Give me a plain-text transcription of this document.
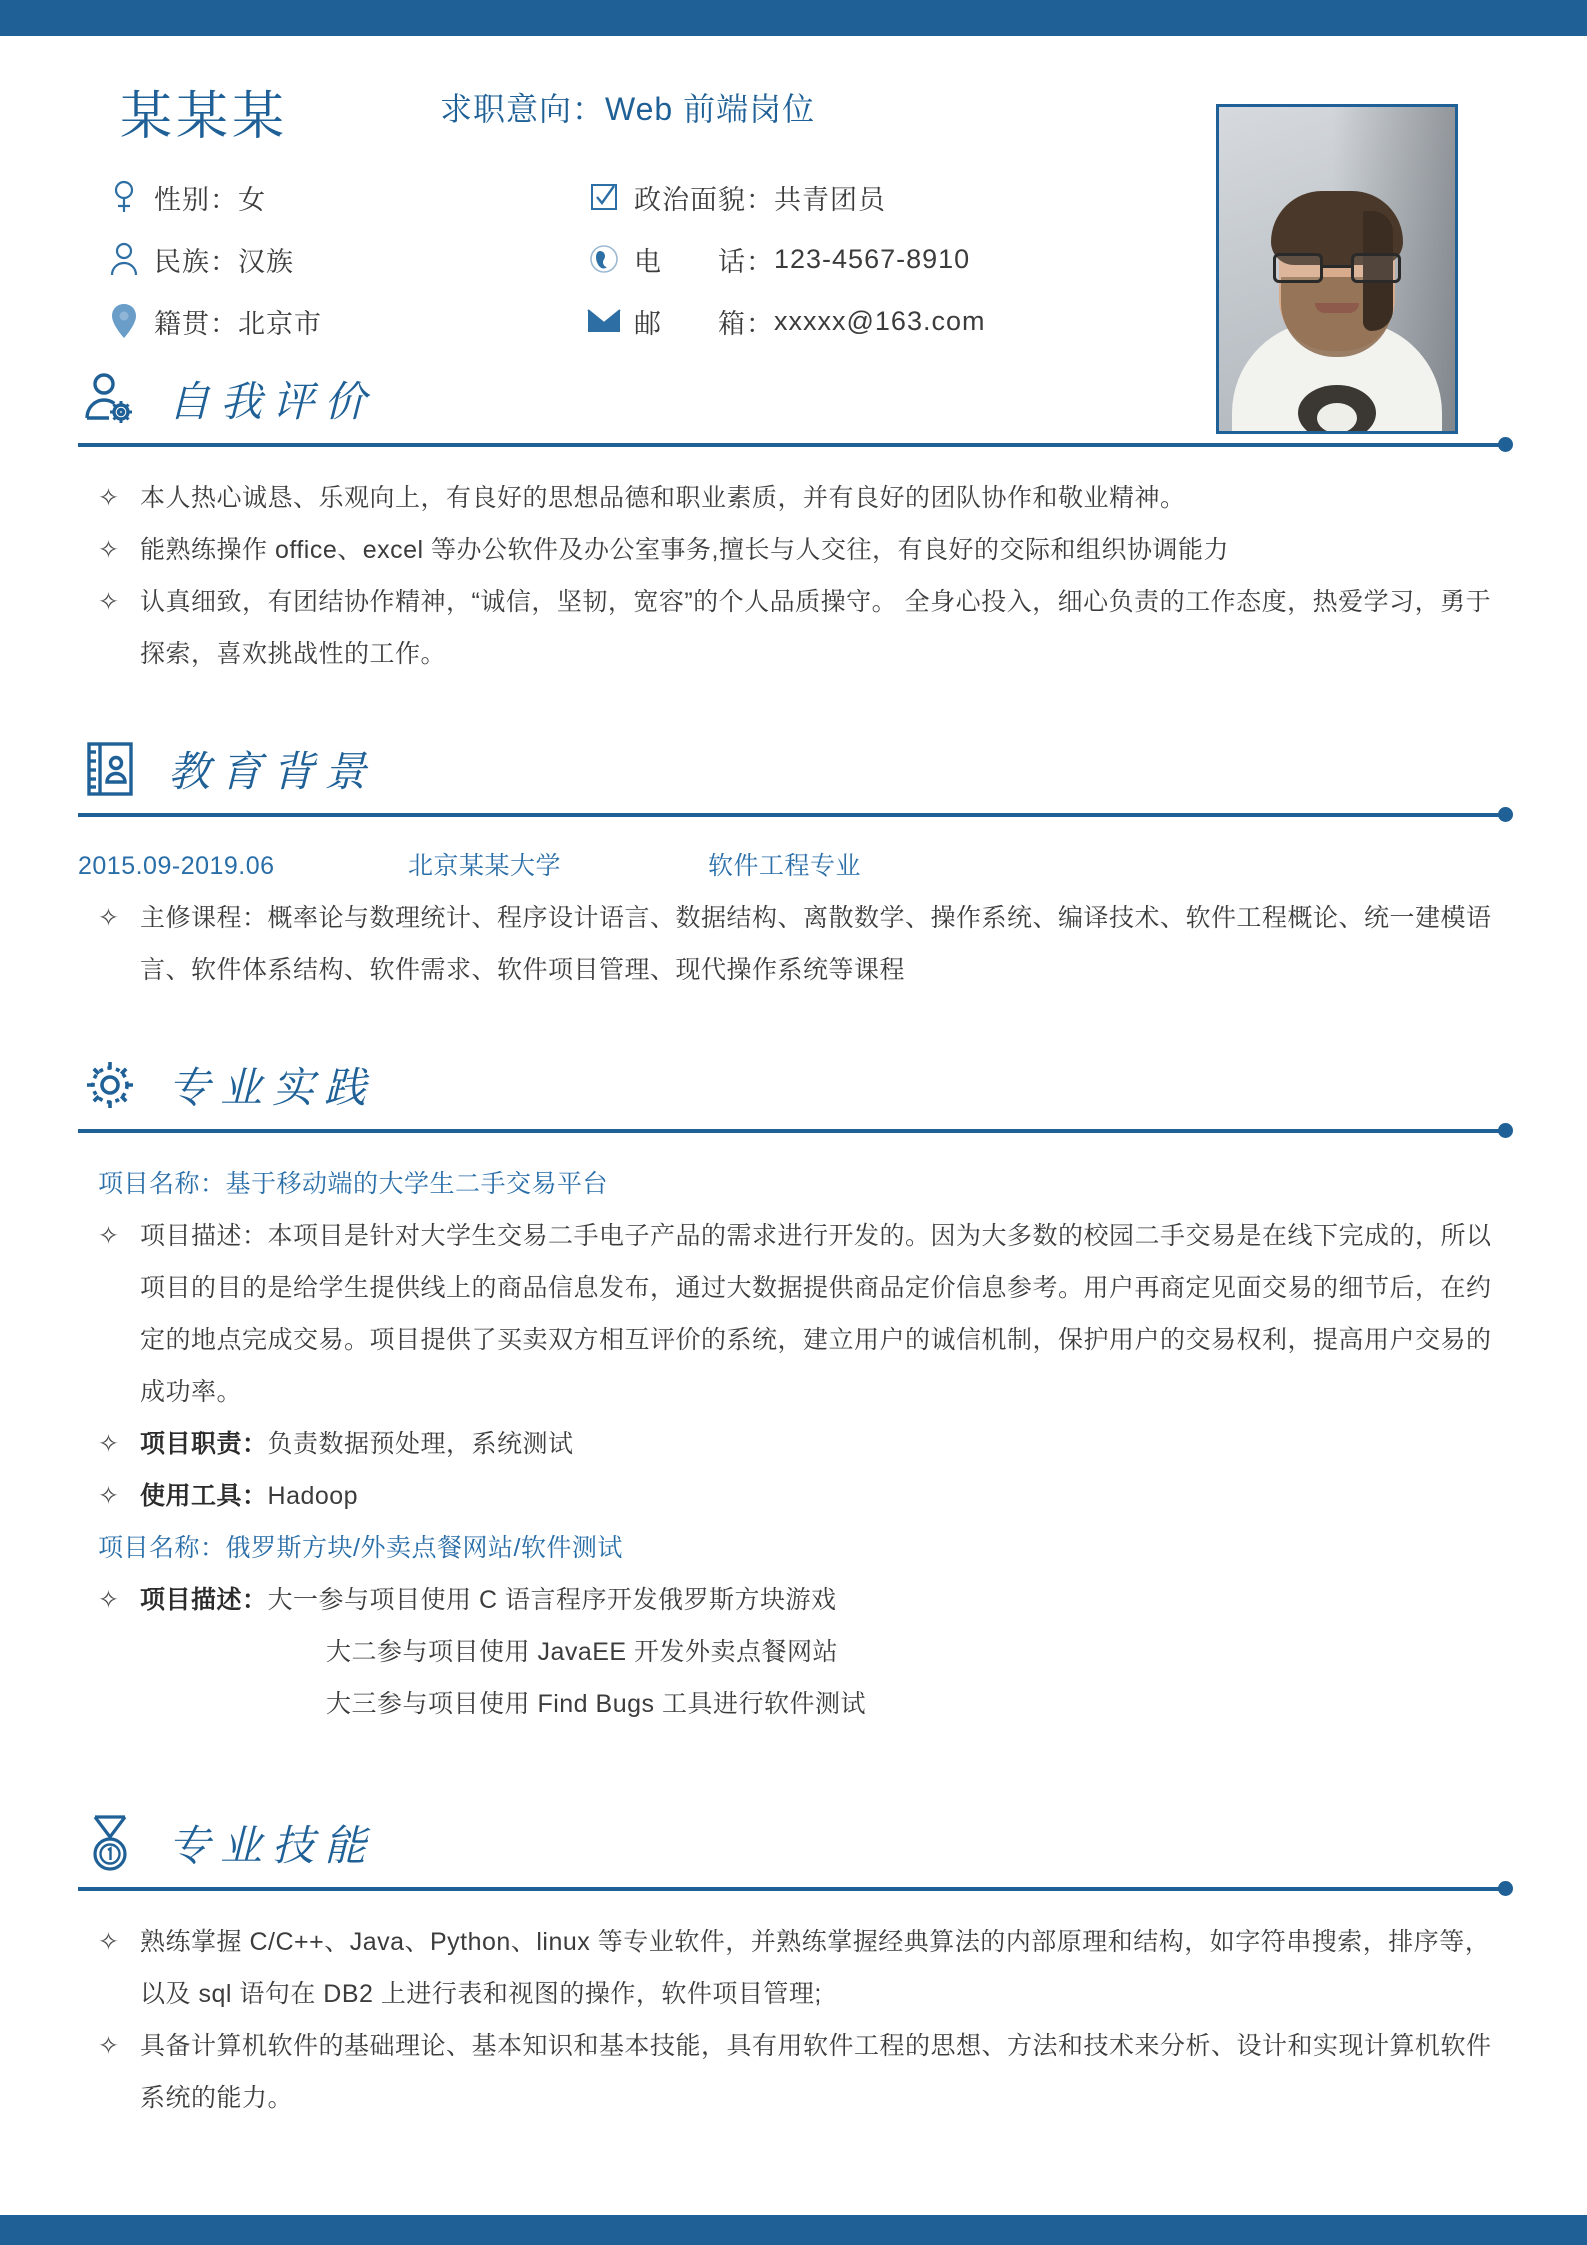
某某某	求职意向：Web 前端岗位
性别： 女	政治面貌： 共青团员
民族： 汉族	电　　话： 123-4567-8910
籍贯： 北京市	邮　　箱： xxxxx@163.com
自我评价
✧ 本人热心诚恳、乐观向上，有良好的思想品德和职业素质，并有良好的团队协作和敬业精神。
✧ 能熟练操作 office、excel 等办公软件及办公室事务,擅长与人交往，有良好的交际和组织协调能力
✧ 认真细致，有团结协作精神，“诚信，坚韧，宽容”的个人品质操守。 全身心投入，细心负责的工作态度，热爱学习，勇于探索，喜欢挑战性的工作。
教育背景
2015.09-2019.06	北京某某大学	软件工程专业
✧ 主修课程：概率论与数理统计、程序设计语言、数据结构、离散数学、操作系统、编译技术、软件工程概论、统一建模语言、软件体系结构、软件需求、软件项目管理、现代操作系统等课程
专业实践
项目名称：基于移动端的大学生二手交易平台
✧ 项目描述：本项目是针对大学生交易二手电子产品的需求进行开发的。因为大多数的校园二手交易是在线下完成的，所以项目的目的是给学生提供线上的商品信息发布，通过大数据提供商品定价信息参考。用户再商定见面交易的细节后，在约定的地点完成交易。项目提供了买卖双方相互评价的系统，建立用户的诚信机制，保护用户的交易权利，提高用户交易的成功率。
✧ 项目职责：负责数据预处理，系统测试
✧ 使用工具：Hadoop
项目名称：俄罗斯方块/外卖点餐网站/软件测试
✧ 项目描述：大一参与项目使用 C 语言程序开发俄罗斯方块游戏
大二参与项目使用 JavaEE 开发外卖点餐网站
大三参与项目使用 Find Bugs 工具进行软件测试
专业技能
✧ 熟练掌握 C/C++、Java、Python、linux 等专业软件，并熟练掌握经典算法的内部原理和结构，如字符串搜索，排序等，以及 sql 语句在 DB2 上进行表和视图的操作，软件项目管理;
✧ 具备计算机软件的基础理论、基本知识和基本技能，具有用软件工程的思想、方法和技术来分析、设计和实现计算机软件系统的能力。
